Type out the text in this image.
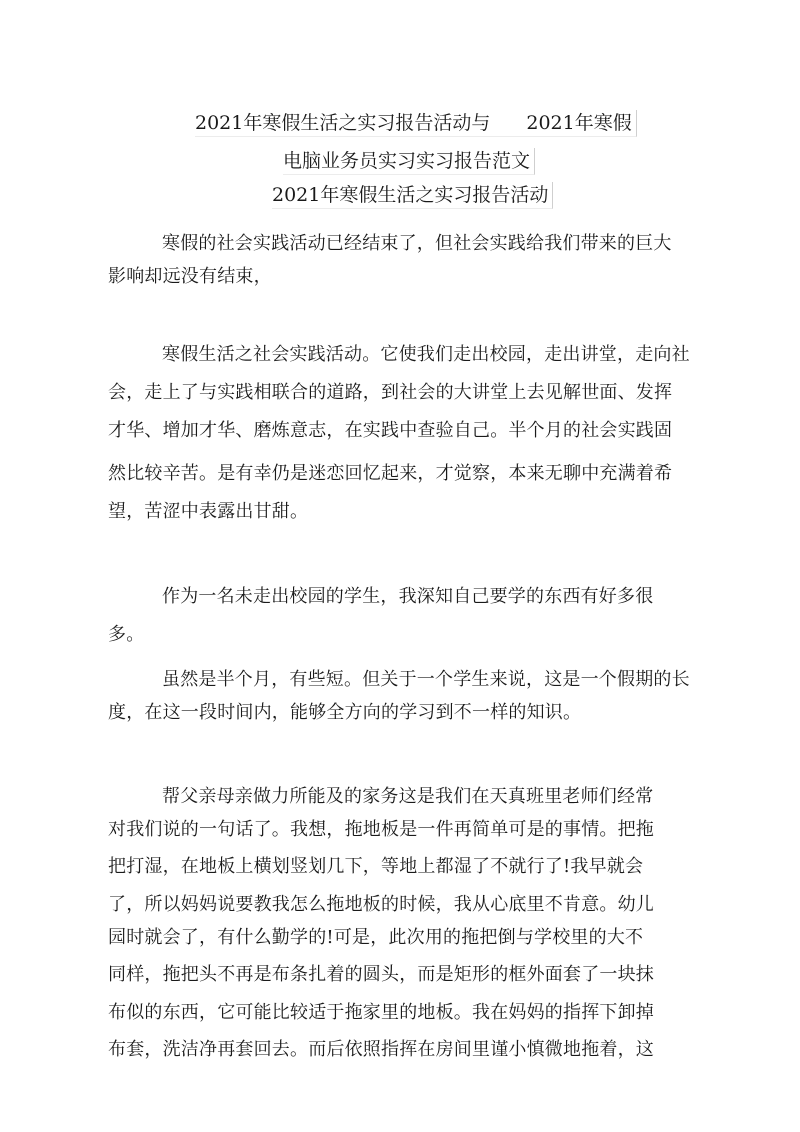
2021年寒假生活之实习报告活动与 2021年寒假
电脑业务员实习实习报告范文
2021年寒假生活之实习报告活动
寒假的社会实践活动已经结束了，但社会实践给我们带来的巨大
影响却远没有结束，
寒假生活之社会实践活动。它使我们走出校园，走出讲堂，走向社
会，走上了与实践相联合的道路，到社会的大讲堂上去见解世面、发挥
才华、增加才华、磨炼意志，在实践中查验自己。半个月的社会实践固
然比较辛苦。是有幸仍是迷恋回忆起来，才觉察，本来无聊中充满着希
望，苦涩中表露出甘甜。
作为一名未走出校园的学生，我深知自己要学的东西有好多很
多。
虽然是半个月，有些短。但关于一个学生来说，这是一个假期的长
度，在这一段时间内，能够全方向的学习到不一样的知识。
帮父亲母亲做力所能及的家务这是我们在天真班里老师们经常
对我们说的一句话了。我想，拖地板是一件再简单可是的事情。把拖
把打湿，在地板上横划竖划几下，等地上都湿了不就行了!我早就会
了，所以妈妈说要教我怎么拖地板的时候，我从心底里不肯意。幼儿
园时就会了，有什么勤学的!可是，此次用的拖把倒与学校里的大不
同样，拖把头不再是布条扎着的圆头，而是矩形的框外面套了一块抹
布似的东西，它可能比较适于拖家里的地板。我在妈妈的指挥下卸掉
布套，洗洁净再套回去。而后依照指挥在房间里谨小慎微地拖着，这
